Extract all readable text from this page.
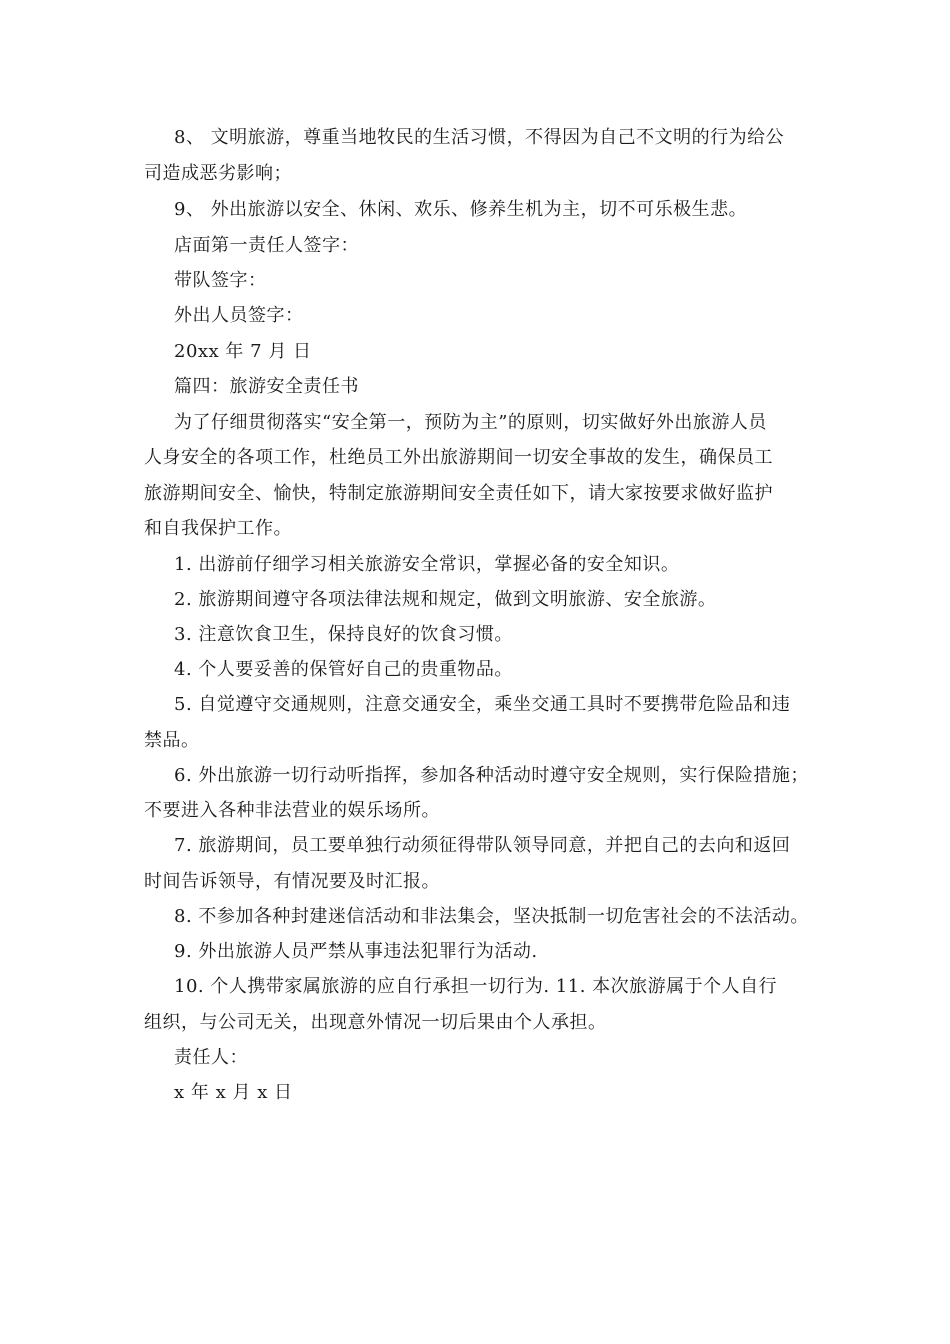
8、 文明旅游，尊重当地牧民的生活习惯，不得因为自己不文明的行为给公
司造成恶劣影响；
9、 外出旅游以安全、休闲、欢乐、修养生机为主，切不可乐极生悲。
店面第一责任人签字：
带队签字：
外出人员签字：
20xx 年 7 月 日
篇四：旅游安全责任书
为了仔细贯彻落实“安全第一，预防为主”的原则，切实做好外出旅游人员
人身安全的各项工作，杜绝员工外出旅游期间一切安全事故的发生，确保员工
旅游期间安全、愉快，特制定旅游期间安全责任如下，请大家按要求做好监护
和自我保护工作。
1. 出游前仔细学习相关旅游安全常识，掌握必备的安全知识。
2. 旅游期间遵守各项法律法规和规定，做到文明旅游、安全旅游。
3. 注意饮食卫生，保持良好的饮食习惯。
4. 个人要妥善的保管好自己的贵重物品。
5. 自觉遵守交通规则，注意交通安全，乘坐交通工具时不要携带危险品和违
禁品。
6. 外出旅游一切行动听指挥，参加各种活动时遵守安全规则，实行保险措施；
不要进入各种非法营业的娱乐场所。
7. 旅游期间，员工要单独行动须征得带队领导同意，并把自己的去向和返回
时间告诉领导，有情况要及时汇报。
8. 不参加各种封建迷信活动和非法集会，坚决抵制一切危害社会的不法活动。
9. 外出旅游人员严禁从事违法犯罪行为活动.
10. 个人携带家属旅游的应自行承担一切行为. 11. 本次旅游属于个人自行
组织，与公司无关，出现意外情况一切后果由个人承担。
责任人：
x 年 x 月 x 日
